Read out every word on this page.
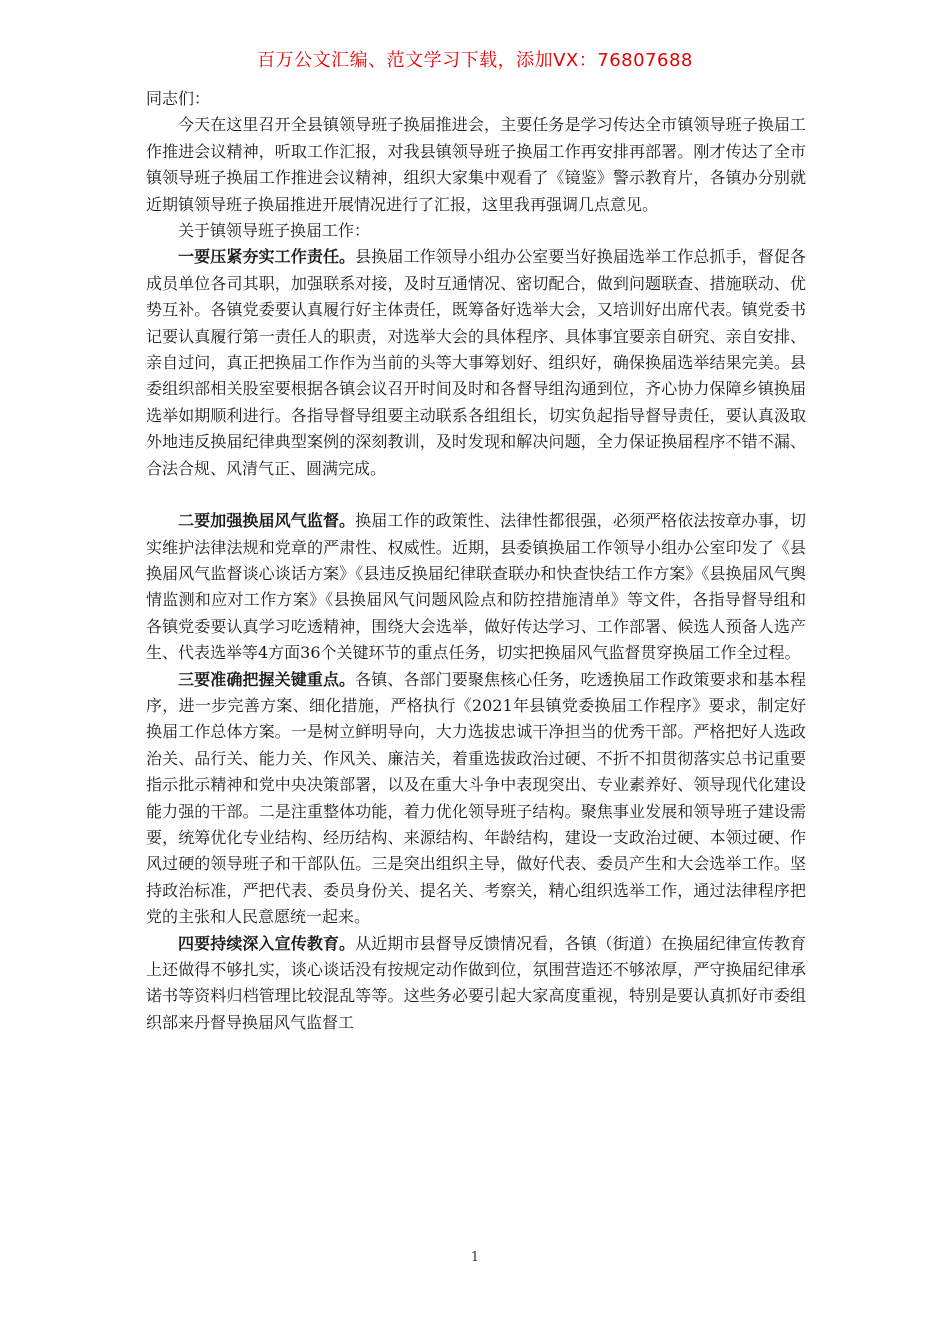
百万公文汇编、范文学习下载，添加VX：76807688

同志们：

今天在这里召开全县镇领导班子换届推进会，主要任务是学习传达全市镇领导班子换届工作推进会议精神，听取工作汇报，对我县镇领导班子换届工作再安排再部署。刚才传达了全市镇领导班子换届工作推进会议精神，组织大家集中观看了《镜鉴》警示教育片，各镇办分别就近期镇领导班子换届推进开展情况进行了汇报，这里我再强调几点意见。

关于镇领导班子换届工作：

一要压紧夯实工作责任。县换届工作领导小组办公室要当好换届选举工作总抓手，督促各成员单位各司其职，加强联系对接，及时互通情况、密切配合，做到问题联查、措施联动、优势互补。各镇党委要认真履行好主体责任，既筹备好选举大会，又培训好出席代表。镇党委书记要认真履行第一责任人的职责，对选举大会的具体程序、具体事宜要亲自研究、亲自安排、亲自过问，真正把换届工作作为当前的头等大事筹划好、组织好，确保换届选举结果完美。县委组织部相关股室要根据各镇会议召开时间及时和各督导组沟通到位，齐心协力保障乡镇换届选举如期顺利进行。各指导督导组要主动联系各组组长，切实负起指导督导责任，要认真汲取外地违反换届纪律典型案例的深刻教训，及时发现和解决问题，全力保证换届程序不错不漏、合法合规、风清气正、圆满完成。

二要加强换届风气监督。换届工作的政策性、法律性都很强，必须严格依法按章办事，切实维护法律法规和党章的严肃性、权威性。近期，县委镇换届工作领导小组办公室印发了《县换届风气监督谈心谈话方案》《县违反换届纪律联查联办和快查快结工作方案》《县换届风气舆情监测和应对工作方案》《县换届风气问题风险点和防控措施清单》等文件，各指导督导组和各镇党委要认真学习吃透精神，围绕大会选举，做好传达学习、工作部署、候选人预备人选产生、代表选举等4方面36个关键环节的重点任务，切实把换届风气监督贯穿换届工作全过程。

三要准确把握关键重点。各镇、各部门要聚焦核心任务，吃透换届工作政策要求和基本程序，进一步完善方案、细化措施，严格执行《2021年县镇党委换届工作程序》要求，制定好换届工作总体方案。一是树立鲜明导向，大力选拔忠诚干净担当的优秀干部。严格把好人选政治关、品行关、能力关、作风关、廉洁关，着重选拔政治过硬、不折不扣贯彻落实总书记重要指示批示精神和党中央决策部署，以及在重大斗争中表现突出、专业素养好、领导现代化建设能力强的干部。二是注重整体功能，着力优化领导班子结构。聚焦事业发展和领导班子建设需要，统筹优化专业结构、经历结构、来源结构、年龄结构，建设一支政治过硬、本领过硬、作风过硬的领导班子和干部队伍。三是突出组织主导，做好代表、委员产生和大会选举工作。坚持政治标准，严把代表、委员身份关、提名关、考察关，精心组织选举工作，通过法律程序把党的主张和人民意愿统一起来。

四要持续深入宣传教育。从近期市县督导反馈情况看，各镇（街道）在换届纪律宣传教育上还做得不够扎实，谈心谈话没有按规定动作做到位，氛围营造还不够浓厚，严守换届纪律承诺书等资料归档管理比较混乱等等。这些务必要引起大家高度重视，特别是要认真抓好市委组织部来丹督导换届风气监督工

1
